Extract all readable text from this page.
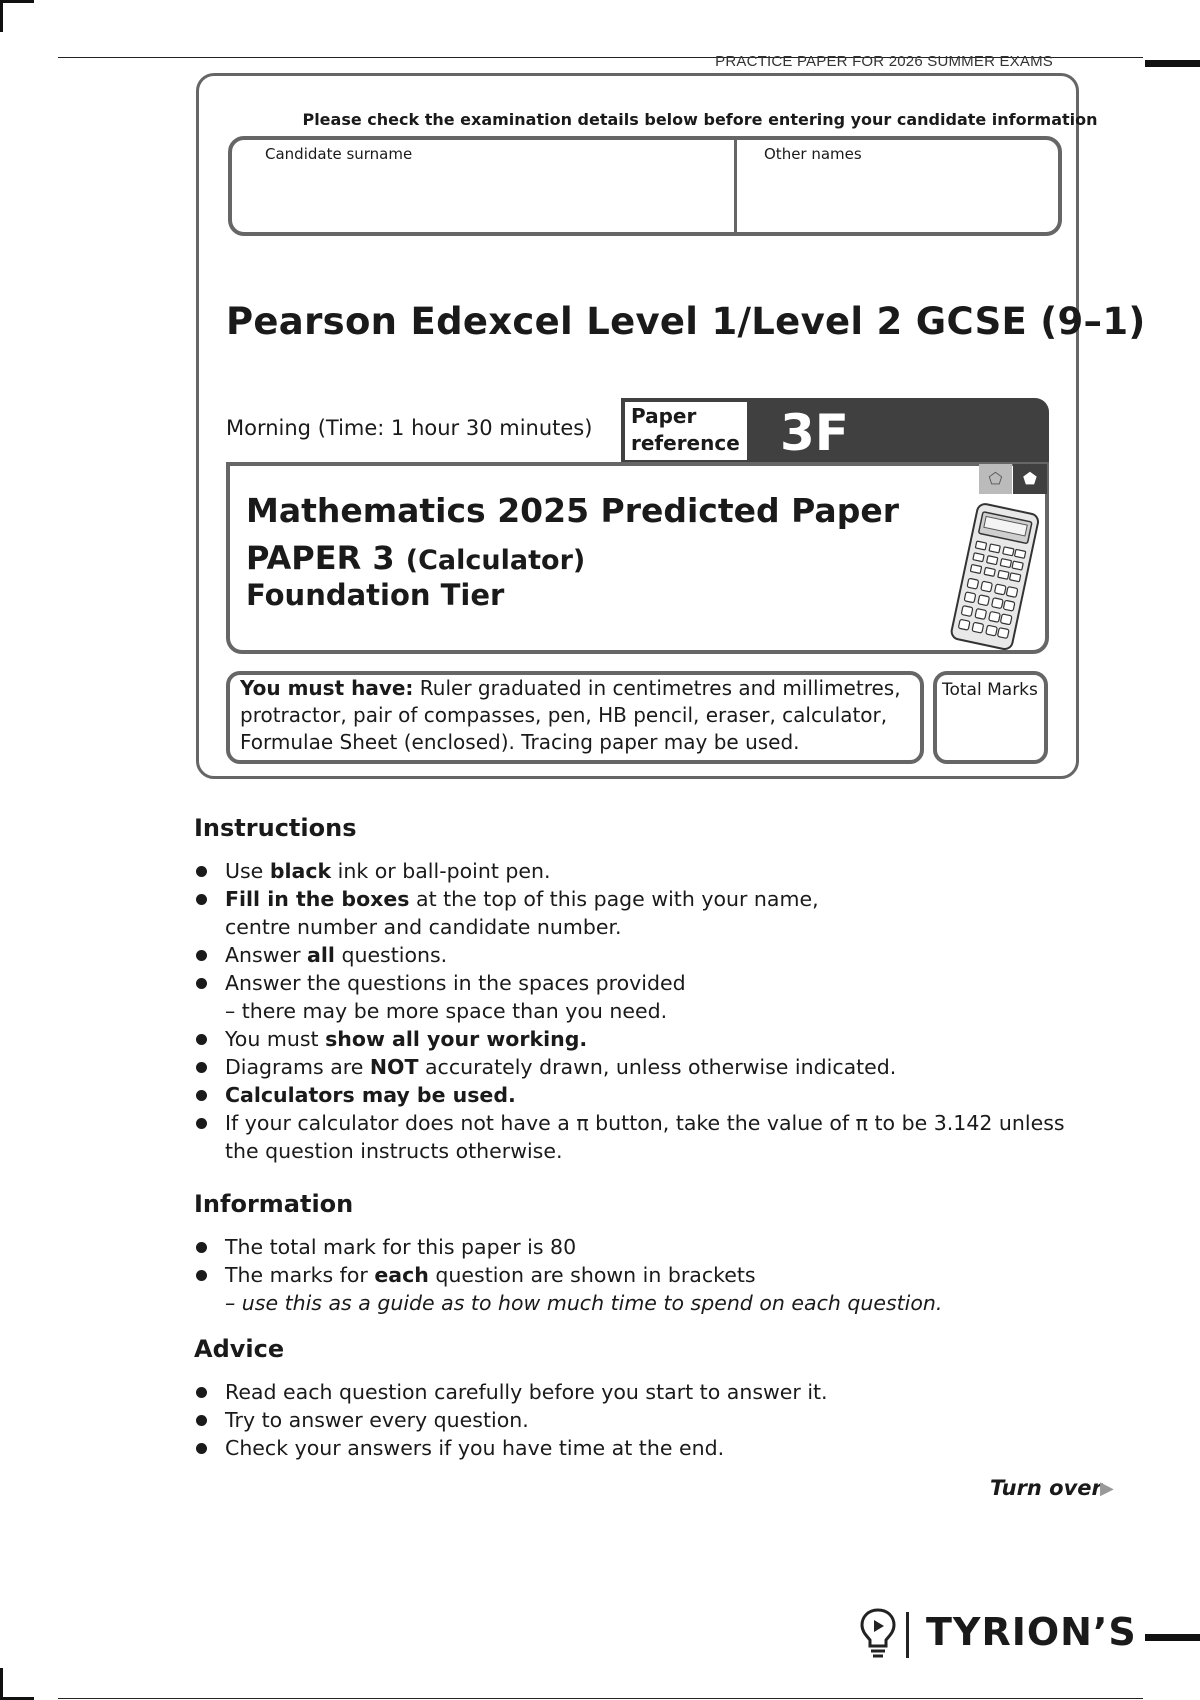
PRACTICE PAPER FOR 2026 SUMMER EXAMS
Please check the examination details below before entering your candidate information
Candidate surname	Other names
Pearson Edexcel Level 1/Level 2 GCSE (9–1)
Morning (Time: 1 hour 30 minutes) Paper
reference 3F
⬠	⬟
Mathematics 2025 Predicted Paper
PAPER 3 (Calculator)
Foundation Tier
You must have: Ruler graduated in centimetres and millimetres, protractor, pair of compasses, pen, HB pencil, eraser, calculator, Formulae Sheet (enclosed). Tracing paper may be used.
Total Marks
Instructions
Use black ink or ball-point pen.
Fill in the boxes at the top of this page with your name,
centre number and candidate number.
Answer all questions.
Answer the questions in the spaces provided
– there may be more space than you need.
You must show all your working.
Diagrams are NOT accurately drawn, unless otherwise indicated.
Calculators may be used.
If your calculator does not have a π button, take the value of π to be 3.142 unless
the question instructs otherwise.
Information
The total mark for this paper is 80
The marks for each question are shown in brackets
– use this as a guide as to how much time to spend on each question.
Advice
Read each question carefully before you start to answer it.
Try to answer every question.
Check your answers if you have time at the end.
Turn over
▶
TYRION’S
